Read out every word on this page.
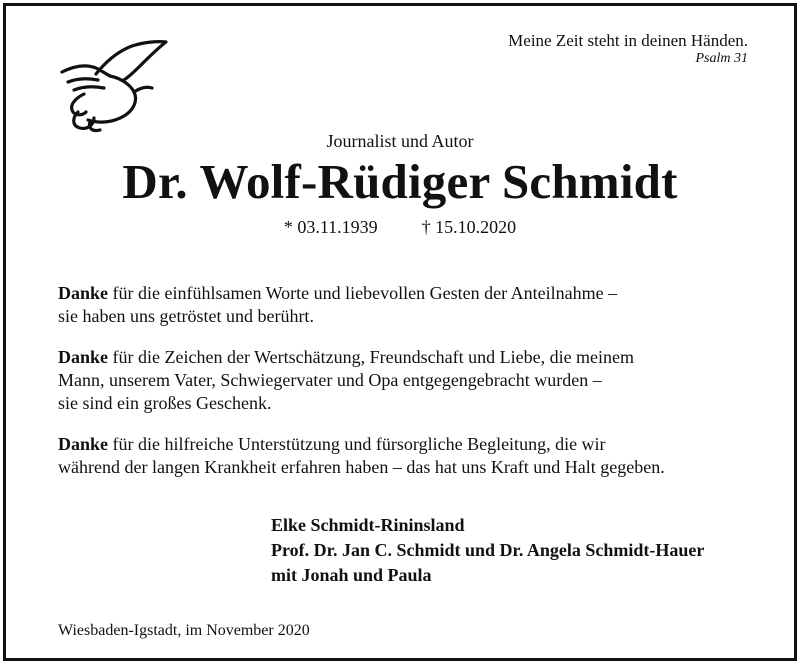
Meine Zeit steht in deinen Händen.
Psalm 31
Journalist und Autor
Dr. Wolf-Rüdiger Schmidt
* 03.11.1939 † 15.10.2020
Danke für die einfühlsamen Worte und liebevollen Gesten der Anteilnahme –
sie haben uns getröstet und berührt.
Danke für die Zeichen der Wertschätzung, Freundschaft und Liebe, die meinem
Mann, unserem Vater, Schwiegervater und Opa entgegengebracht wurden –
sie sind ein großes Geschenk.
Danke für die hilfreiche Unterstützung und fürsorgliche Begleitung, die wir
während der langen Krankheit erfahren haben – das hat uns Kraft und Halt gegeben.
Elke Schmidt-Rininsland
Prof. Dr. Jan C. Schmidt und Dr. Angela Schmidt-Hauer
mit Jonah und Paula
Wiesbaden-Igstadt, im November 2020
